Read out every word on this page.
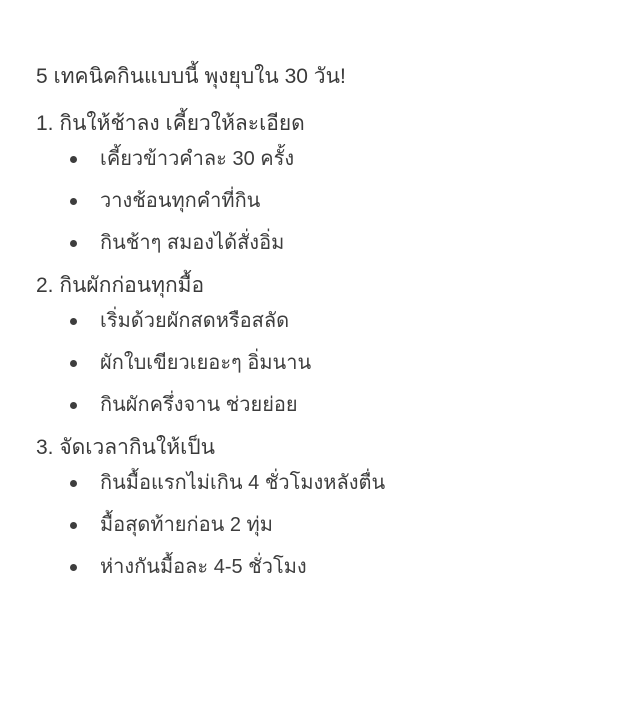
5 เทคนิคกินแบบนี้ พุงยุบใน 30 วัน!
1. กินให้ช้าลง เคี้ยวให้ละเอียด
เคี้ยวข้าวคำละ 30 ครั้ง
วางช้อนทุกคำที่กิน
กินช้าๆ สมองได้สั่งอิ่ม
2. กินผักก่อนทุกมื้อ
เริ่มด้วยผักสดหรือสลัด
ผักใบเขียวเยอะๆ อิ่มนาน
กินผักครึ่งจาน ช่วยย่อย
3. จัดเวลากินให้เป็น
กินมื้อแรกไม่เกิน 4 ชั่วโมงหลังตื่น
มื้อสุดท้ายก่อน 2 ทุ่ม
ห่างกันมื้อละ 4-5 ชั่วโมง
